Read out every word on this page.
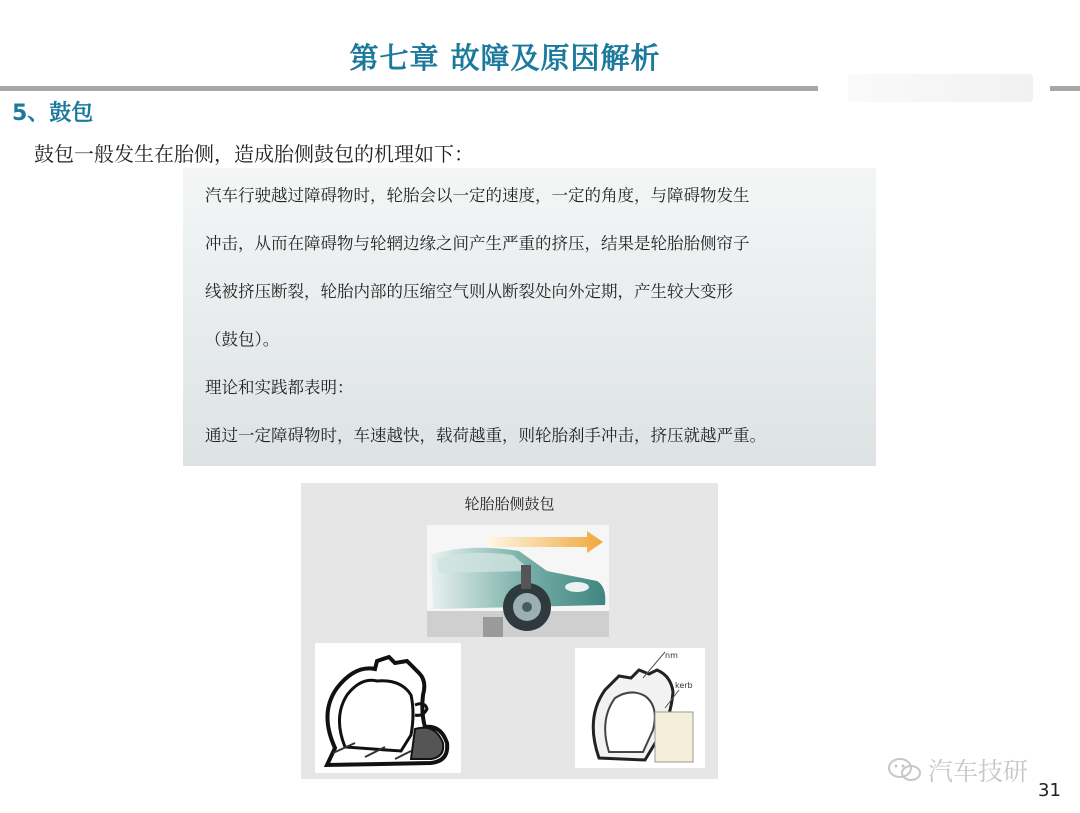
第七章 故障及原因解析
5、鼓包
鼓包一般发生在胎侧，造成胎侧鼓包的机理如下：

汽车行驶越过障碍物时，轮胎会以一定的速度，一定的角度，与障碍物发生

冲击，从而在障碍物与轮辋边缘之间产生严重的挤压，结果是轮胎胎侧帘子

线被挤压断裂，轮胎内部的压缩空气则从断裂处向外定期，产生较大变形

（鼓包）。

理论和实践都表明：

通过一定障碍物时，车速越快，载荷越重，则轮胎刹手冲击，挤压就越严重。

轮胎胎侧鼓包
nm
kerb
汽车技研
31
